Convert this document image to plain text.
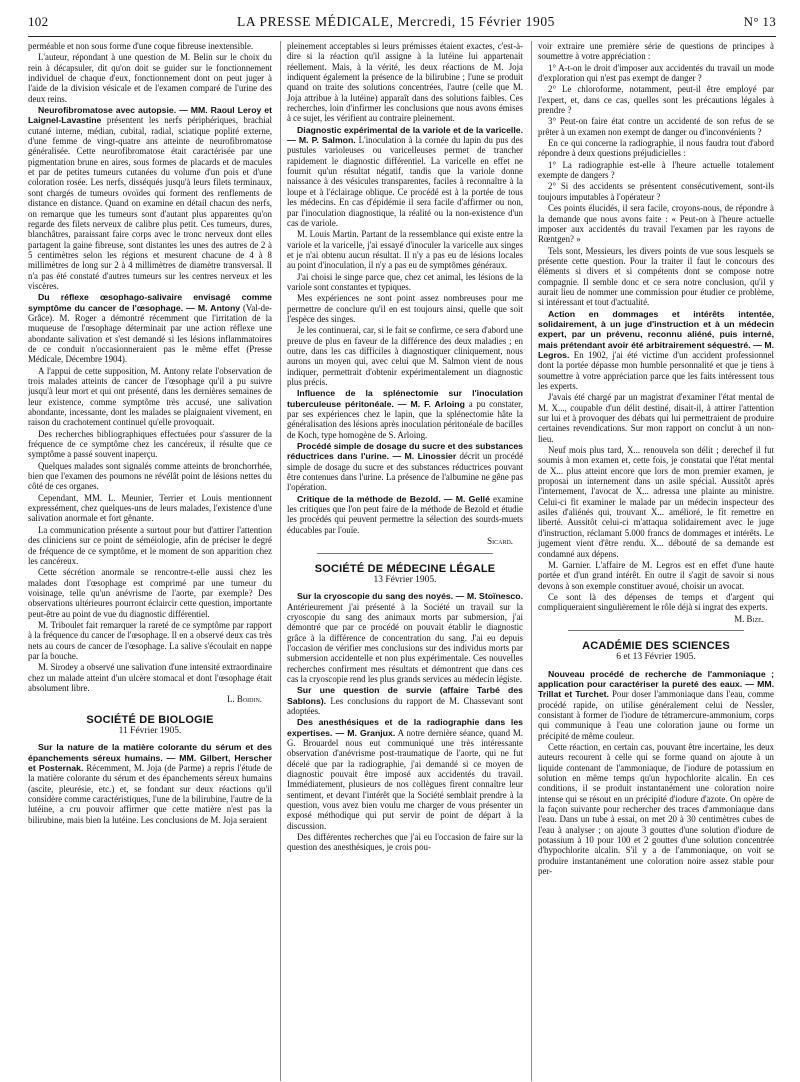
102	LA PRESSE MÉDICALE, Mercredi, 15 Février 1905	N° 13

perméable et non sous forme d'une coque fibreuse inextensible.

L'auteur, répondant à une question de M. Belin sur le choix du rein à décapsuler, dit qu'on doit se guider sur le fonctionnement individuel de chaque d'eux, fonctionnement dont on peut juger à l'aide de la division vésicale et de l'examen comparé de l'urine des deux reins.

Neurofibromatose avec autopsie. — MM. Raoul Leroy et Laignel-Lavastine présentent les nerfs périphériques, brachial cutané interne, médian, cubital, radial, sciatique poplité externe, d'une femme de vingt-quatre ans atteinte de neurofibromatose généralisée. Cette neurofibromatose était caractérisée par une pigmentation brune en aires, sous formes de placards et de macules et par de petites tumeurs cutanées du volume d'un pois et d'une coloration rosée. Les nerfs, disséqués jusqu'à leurs filets terminaux, sont chargés de tumeurs ovoïdes qui forment des renflements de distance en distance. Quand on examine en détail chacun des nerfs, on remarque que les tumeurs sont d'autant plus apparentes qu'on regarde des filets nerveux de calibre plus petit. Ces tumeurs, dures, blanchâtres, paraissant faire corps avec le tronc nerveux dont elles partagent la gaine fibreuse, sont distantes les unes des autres de 2 à 5 centimètres selon les régions et mesurent chacune de 4 à 8 millimètres de long sur 2 à 4 millimètres de diamètre transversal. Il n'a pas été constaté d'autres tumeurs sur les centres nerveux et les viscères.

Du réflexe œsophago-salivaire envisagé comme symptôme du cancer de l'œsophage. — M. Antony (Val-de-Grâce). M. Roger a démontré récemment que l'irritation de la muqueuse de l'œsophage déterminait par une action réflexe une abondante salivation et s'est demandé si les lésions inflammatoires de ce conduit n'occasionneraient pas le même effet (Presse Médicale, Décembre 1904).

A l'appui de cette supposition, M. Antony relate l'observation de trois malades atteints de cancer de l'œsophage qu'il a pu suivre jusqu'à leur mort et qui ont présenté, dans les dernières semaines de leur existence, comme symptôme très accusé, une salivation abondante, incessante, dont les malades se plaignaient vivement, en raison du crachotement continuel qu'elle provoquait.

Des recherches bibliographiques effectuées pour s'assurer de la fréquence de ce symptôme chez les cancéreux, il résulte que ce symptôme a passé souvent inaperçu.

Quelques malades sont signalés comme atteints de bronchorrhée, bien que l'examen des poumons ne révélât point de lésions nettes du côté de ces organes.

Cependant, MM. L. Meunier, Terrier et Louis mentionnent expressément, chez quelques-uns de leurs malades, l'existence d'une salivation anormale et fort gênante.

La communication présente a surtout pour but d'attirer l'attention des cliniciens sur ce point de séméiologie, afin de préciser le degré de fréquence de ce symptôme, et le moment de son apparition chez les cancéreux.

Cette sécrétion anormale se rencontre-t-elle aussi chez les malades dont l'œsophage est comprimé par une tumeur du voisinage, telle qu'un anévrisme de l'aorte, par exemple? Des observations ultérieures pourront éclaircir cette question, importante peut-être au point de vue du diagnostic différentiel.

M. Triboulet fait remarquer la rareté de ce symptôme par rapport à la fréquence du cancer de l'œsophage. Il en a observé deux cas très nets au cours de cancer de l'œsophage. La salive s'écoulait en nappe par la bouche.

M. Sirodey a observé une salivation d'une intensité extraordinaire chez un malade atteint d'un ulcère stomacal et dont l'œsophage était absolument libre.

L. Boidin.

SOCIÉTÉ DE BIOLOGIE
11 Février 1905.

Sur la nature de la matière colorante du sérum et des épanchements séreux humains. — MM. Gilbert, Herscher et Posternak. Récemment, M. Joja (de Parme) a repris l'étude de la matière colorante du sérum et des épanchements séreux humains (ascite, pleurésie, etc.) et, se fondant sur deux réactions qu'il considère comme caractéristiques, l'une de la bilirubine, l'autre de la lutéine, a cru pouvoir affirmer que cette matière n'est pas la bilirubine, mais bien la lutéine. Les conclusions de M. Joja seraient

pleinement acceptables si leurs prémisses étaient exactes, c'est-à-dire si la réaction qu'il assigne à la lutéine lui appartenait réellement. Mais, à la vérité, les deux réactions de M. Joja indiquent également la présence de la bilirubine ; l'une se produit quand on traite des solutions concentrées, l'autre (celle que M. Joja attribue à la lutéine) apparaît dans des solutions faibles. Ces recherches, loin d'infirmer les conclusions que nous avons émises à ce sujet, les vérifient au contraire pleinement.

Diagnostic expérimental de la variole et de la varicelle. — M. P. Salmon. L'inoculation à la cornée du lapin du pus des pustules varioleuses ou varicelleuses permet de trancher rapidement le diagnostic différentiel. La varicelle en effet ne fournit qu'un résultat négatif, tandis que la variole donne naissance à des vésicules transparentes, faciles à reconnaître à la loupe et à l'éclairage oblique. Ce procédé est à la portée de tous les médecins. En cas d'épidémie il sera facile d'affirmer ou non, par l'inoculation diagnostique, la réalité ou la non-existence d'un cas de variole.

M. Louis Martin. Partant de la ressemblance qui existe entre la variole et la varicelle, j'ai essayé d'inoculer la varicelle aux singes et je n'ai obtenu aucun résultat. Il n'y a pas eu de lésions locales au point d'inoculation, il n'y a pas eu de symptômes généraux.

J'ai choisi le singe parce que, chez cet animal, les lésions de la variole sont constantes et typiques.

Mes expériences ne sont point assez nombreuses pour me permettre de conclure qu'il en est toujours ainsi, quelle que soit l'espèce des singes.

Je les continuerai, car, si le fait se confirme, ce sera d'abord une preuve de plus en faveur de la différence des deux maladies ; en outre, dans les cas difficiles à diagnostiquer cliniquement, nous aurons un moyen qui, avec celui que M. Salmon vient de nous indiquer, permettrait d'obtenir expérimentalement un diagnostic plus précis.

Influence de la splénectomie sur l'inoculation tuberculeuse péritonéale. — M. F. Arloing a pu constater, par ses expériences chez le lapin, que la splénectomie hâte la généralisation des lésions après inoculation péritonéale de bacilles de Koch, type homogène de S. Arloing.

Procédé simple de dosage du sucre et des substances réductrices dans l'urine. — M. Linossier décrit un procédé simple de dosage du sucre et des substances réductrices pouvant être contenues dans l'urine. La présence de l'albumine ne gêne pas l'opération.

Critique de la méthode de Bezold. — M. Gellé examine les critiques que l'on peut faire de la méthode de Bezold et étudie les procédés qui peuvent permettre la sélection des sourds-muets éducables par l'ouïe.

Sicard.

SOCIÉTÉ DE MÉDECINE LÉGALE
13 Février 1905.

Sur la cryoscopie du sang des noyés. — M. Stoïnesco. Antérieurement j'ai présenté à la Société un travail sur la cryoscopie du sang des animaux morts par submersion, j'ai démontré que par ce procédé on pouvait établir le diagnostic grâce à la différence de concentration du sang. J'ai eu depuis l'occasion de vérifier mes conclusions sur des individus morts par submersion accidentelle et non plus expérimentale. Ces nouvelles recherches confirment mes résultats et démontrent que dans ces cas la cryoscopie rend les plus grands services au médecin légiste.

Sur une question de survie (affaire Tarbé des Sablons). Les conclusions du rapport de M. Chassevant sont adoptées.

Des anesthésiques et de la radiographie dans les expertises. — M. Granjux. A notre dernière séance, quand M. G. Brouardel nous eut communiqué une très intéressante observation d'anévrisme post-traumatique de l'aorte, qui ne fut décelé que par la radiographie, j'ai demandé si ce moyen de diagnostic pouvait être imposé aux accidentés du travail. Immédiatement, plusieurs de nos collègues firent connaître leur sentiment, et devant l'intérêt que la Société semblait prendre à la question, vous avez bien voulu me charger de vous présenter un exposé méthodique qui put servir de point de départ à la discussion.

Des différentes recherches que j'ai eu l'occasion de faire sur la question des anesthésiques, je crois pou-

voir extraire une première série de questions de principes à soumettre à votre appréciation :

1° A-t-on le droit d'imposer aux accidentés du travail un mode d'exploration qui n'est pas exempt de danger ?

2° Le chloroforme, notamment, peut-il être employé par l'expert, et, dans ce cas, quelles sont les précautions légales à prendre ?

3° Peut-on faire état contre un accidenté de son refus de se prêter à un examen non exempt de danger ou d'inconvénients ?

En ce qui concerne la radiographie, il nous faudra tout d'abord répondre à deux questions préjudicielles :

1° La radiographie est-elle à l'heure actuelle totalement exempte de dangers ?

2° Si des accidents se présentent consécutivement, sont-ils toujours imputables à l'opérateur ?

Ces points élucidés, il sera facile, croyons-nous, de répondre à la demande que nous avons faite : « Peut-on à l'heure actuelle imposer aux accidentés du travail l'examen par les rayons de Rœntgen? »

Tels sont, Messieurs, les divers points de vue sous lesquels se présente cette question. Pour la traiter il faut le concours des éléments si divers et si compétents dont se compose notre compagnie. Il semble donc et ce sera notre conclusion, qu'il y aurait lieu de nommer une commission pour étudier ce problème, si intéressant et tout d'actualité.

Action en dommages et intérêts intentée, solidairement, à un juge d'instruction et à un médecin expert, par un prévenu, reconnu aliéné, puis interné, mais prétendant avoir été arbitrairement séquestré. — M. Legros. En 1902, j'ai été victime d'un accident professionnel dont la portée dépasse mon humble personnalité et que je tiens à soumettre à votre appréciation parce que les faits intéressent tous les experts.

J'avais été chargé par un magistrat d'examiner l'état mental de M. X..., coupable d'un délit destiné, disait-il, à attirer l'attention sur lui et à provoquer des débats qui lui permettraient de produire certaines revendications. Sur mon rapport on conclut à un non-lieu.

Neuf mois plus tard, X... renouvela son délit ; derechef il fut soumis à mon examen et, cette fois, je constatai que l'état mental de X... plus atteint encore que lors de mon premier examen, je proposai un internement dans un asile spécial. Aussitôt après l'internement, l'avocat de X... adressa une plainte au ministre. Celui-ci fit examiner le malade par un médecin inspecteur des asiles d'aliénés qui, trouvant X... amélioré, le fit remettre en liberté. Aussitôt celui-ci m'attaqua solidairement avec le juge d'instruction, réclamant 5.000 francs de dommages et intérêts. Le jugement vient d'être rendu. X... débouté de sa demande est condamné aux dépens.

M. Garnier. L'affaire de M. Legros est en effet d'une haute portée et d'un grand intérêt. En outre il s'agit de savoir si nous devons à son exemple constituer avoué, choisir un avocat.

Ce sont là des dépenses de temps et d'argent qui compliqueraient singulièrement le rôle déjà si ingrat des experts.

M. Bize.

ACADÉMIE DES SCIENCES
6 et 13 Février 1905.

Nouveau procédé de recherche de l'ammoniaque ; application pour caractériser la pureté des eaux. — MM. Trillat et Turchet. Pour doser l'ammoniaque dans l'eau, comme procédé rapide, on utilise généralement celui de Nessler, consistant à former de l'iodure de tétramercure-ammonium, corps qui communique à l'eau une coloration jaune ou forme un précipité de même couleur.

Cette réaction, en certain cas, pouvant être incertaine, les deux auteurs recourent à celle qui se forme quand on ajoute à un liquide contenant de l'ammoniaque, de l'iodure de potassium en solution en même temps qu'un hypochlorite alcalin. En ces conditions, il se produit instantanément une coloration noire intense qui se résout en un précipité d'iodure d'azote. On opère de la façon suivante pour rechercher des traces d'ammoniaque dans l'eau. Dans un tube à essai, on met 20 à 30 centimètres cubes de l'eau à analyser ; on ajoute 3 gouttes d'une solution d'iodure de potassium à 10 pour 100 et 2 gouttes d'une solution concentrée d'hypochlorite alcalin. S'il y a de l'ammoniaque, on voit se produire instantanément une coloration noire assez stable pour per-
